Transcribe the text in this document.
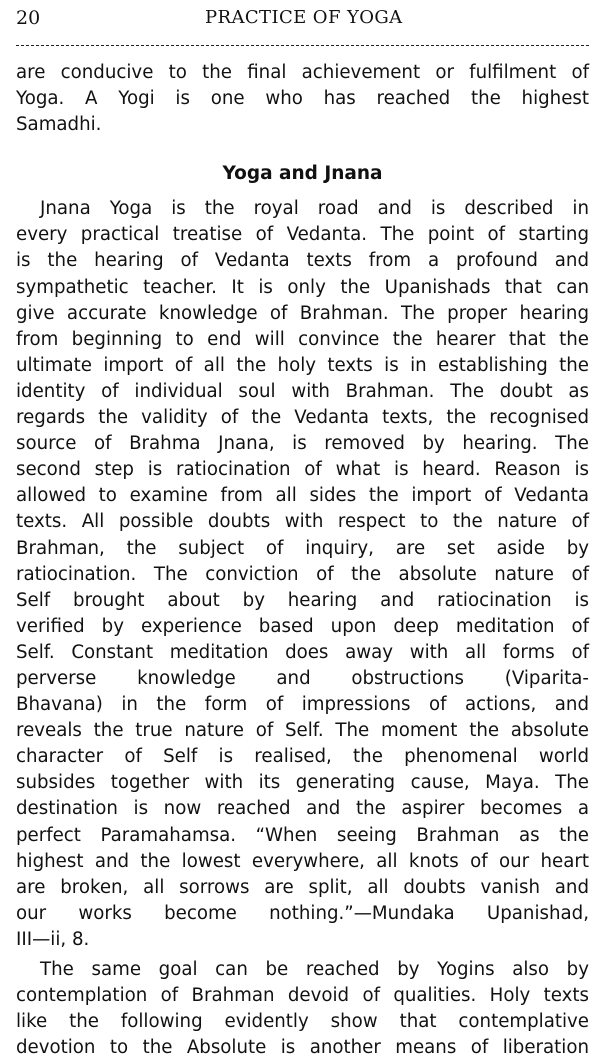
20	PRACTICE OF YOGA

are conducive to the final achievement or fulfilment of
Yoga. A Yogi is one who has reached the highest
Samadhi.

Yoga and Jnana

Jnana Yoga is the royal road and is described in
every practical treatise of Vedanta. The point of starting
is the hearing of Vedanta texts from a profound and
sympathetic teacher. It is only the Upanishads that can
give accurate knowledge of Brahman. The proper hearing
from beginning to end will convince the hearer that the
ultimate import of all the holy texts is in establishing the
identity of individual soul with Brahman. The doubt as
regards the validity of the Vedanta texts, the recognised
source of Brahma Jnana, is removed by hearing. The
second step is ratiocination of what is heard. Reason is
allowed to examine from all sides the import of Vedanta
texts. All possible doubts with respect to the nature of
Brahman, the subject of inquiry, are set aside by
ratiocination. The conviction of the absolute nature of
Self brought about by hearing and ratiocination is
verified by experience based upon deep meditation of
Self. Constant meditation does away with all forms of
perverse knowledge and obstructions (Viparita-
Bhavana) in the form of impressions of actions, and
reveals the true nature of Self. The moment the absolute
character of Self is realised, the phenomenal world
subsides together with its generating cause, Maya. The
destination is now reached and the aspirer becomes a
perfect Paramahamsa. “When seeing Brahman as the
highest and the lowest everywhere, all knots of our heart
are broken, all sorrows are split, all doubts vanish and
our works become nothing.”—Mundaka Upanishad,
III—ii, 8.

The same goal can be reached by Yogins also by
contemplation of Brahman devoid of qualities. Holy texts
like the following evidently show that contemplative
devotion to the Absolute is another means of liberation
